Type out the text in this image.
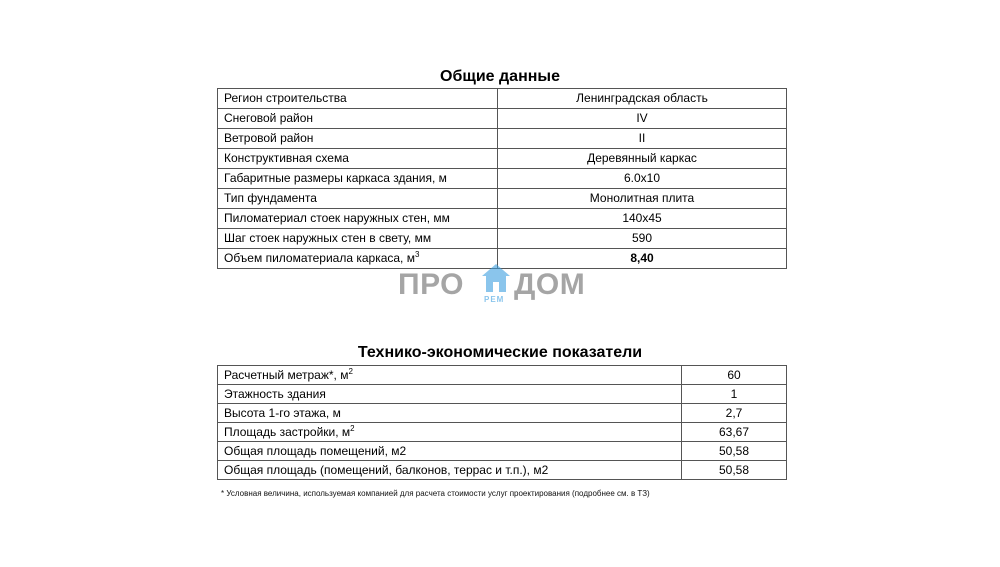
Общие данные
Регион строительства	Ленинградская область
Снеговой район	IV
Ветровой район	II
Конструктивная схема	Деревянный каркас
Габаритные размеры каркаса здания, м	6.0x10
Тип фундамента	Монолитная плита
Пиломатериал стоек наружных стен, мм	140x45
Шаг стоек наружных стен в свету, мм	590
Объем пиломатериала каркаса, $м^3$	8,40
ПРО РЕМ ДОМ
Технико-экономические показатели
Расчетный метраж*, $м^2$	60
Этажность здания	1
Высота 1-го этажа, м	2,7
Площадь застройки, $м^2$	63,67
Общая площадь помещений, м2	50,58
Общая площадь (помещений, балконов, террас и т.п.), м2	50,58
* Условная величина, используемая компанией для расчета стоимости услуг проектирования (подробнее см. в ТЗ)
